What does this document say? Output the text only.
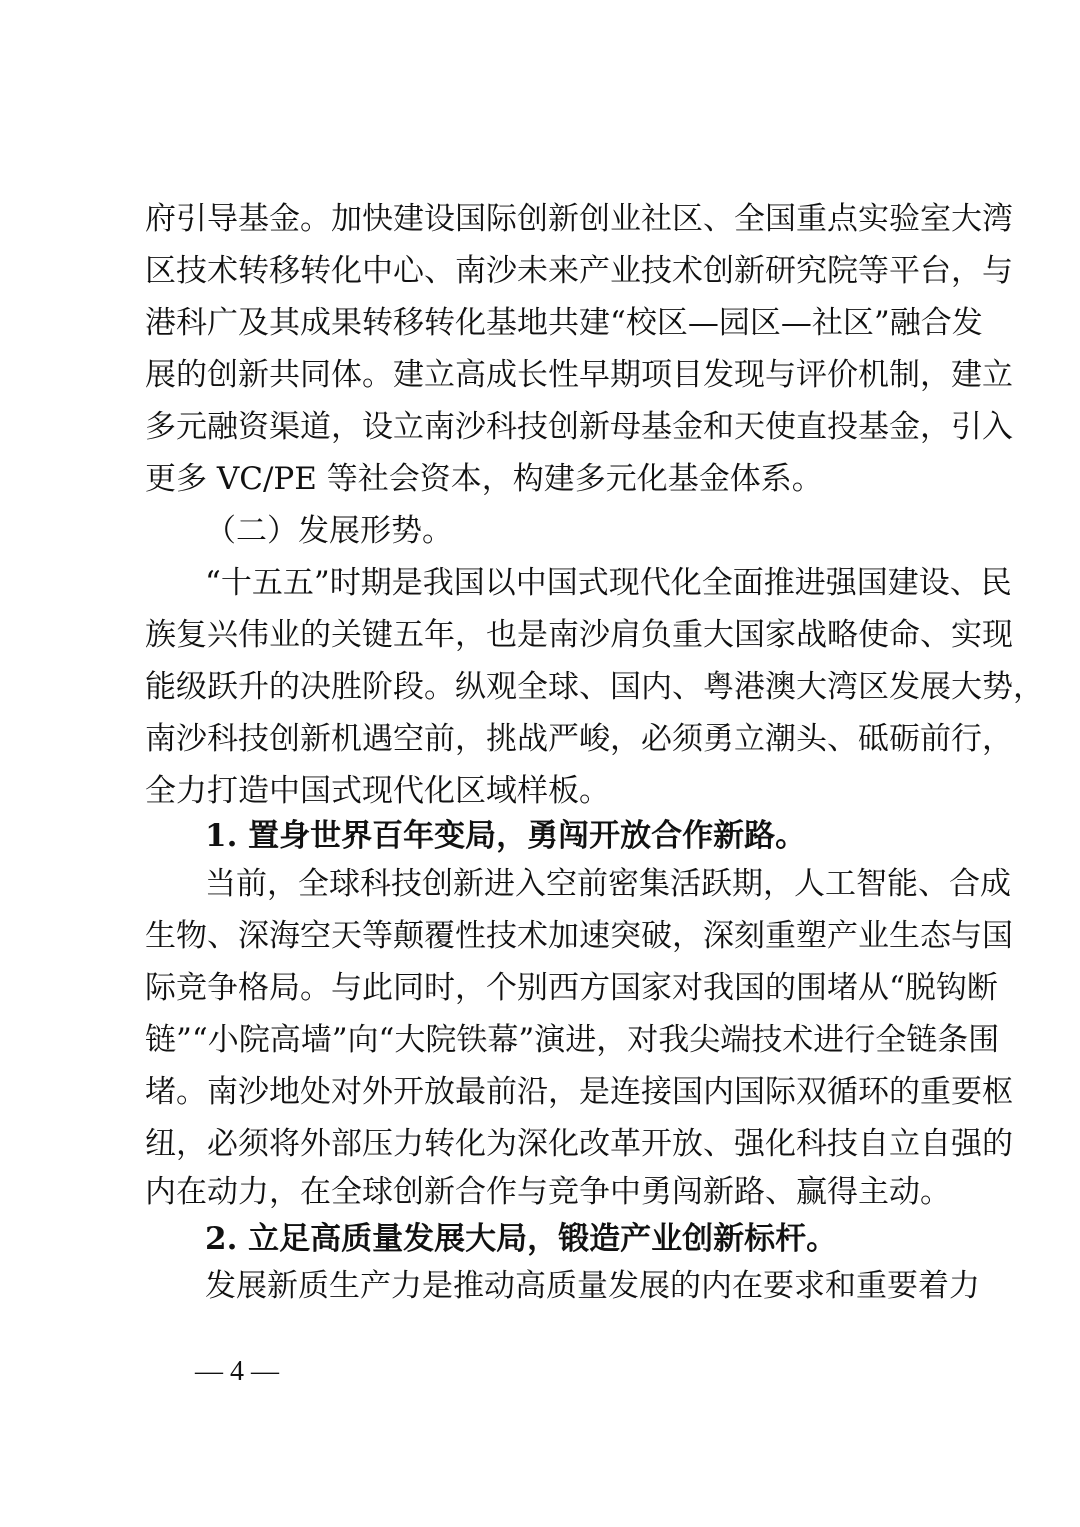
府引导基金。加快建设国际创新创业社区、全国重点实验室大湾
区技术转移转化中心、南沙未来产业技术创新研究院等平台，与
港科广及其成果转移转化基地共建“校区—园区—社区”融合发
展的创新共同体。建立高成长性早期项目发现与评价机制，建立
多元融资渠道，设立南沙科技创新母基金和天使直投基金，引入
更多 VC/PE 等社会资本，构建多元化基金体系。
（二）发展形势。
“十五五”时期是我国以中国式现代化全面推进强国建设、民
族复兴伟业的关键五年，也是南沙肩负重大国家战略使命、实现
能级跃升的决胜阶段。纵观全球、国内、粤港澳大湾区发展大势，
南沙科技创新机遇空前，挑战严峻，必须勇立潮头、砥砺前行，
全力打造中国式现代化区域样板。
1. 置身世界百年变局，勇闯开放合作新路。
当前，全球科技创新进入空前密集活跃期，人工智能、合成
生物、深海空天等颠覆性技术加速突破，深刻重塑产业生态与国
际竞争格局。与此同时，个别西方国家对我国的围堵从“脱钩断
链”“小院高墙”向“大院铁幕”演进，对我尖端技术进行全链条围
堵。南沙地处对外开放最前沿，是连接国内国际双循环的重要枢
纽，必须将外部压力转化为深化改革开放、强化科技自立自强的
内在动力，在全球创新合作与竞争中勇闯新路、赢得主动。
2. 立足高质量发展大局，锻造产业创新标杆。
发展新质生产力是推动高质量发展的内在要求和重要着力
— 4 —
